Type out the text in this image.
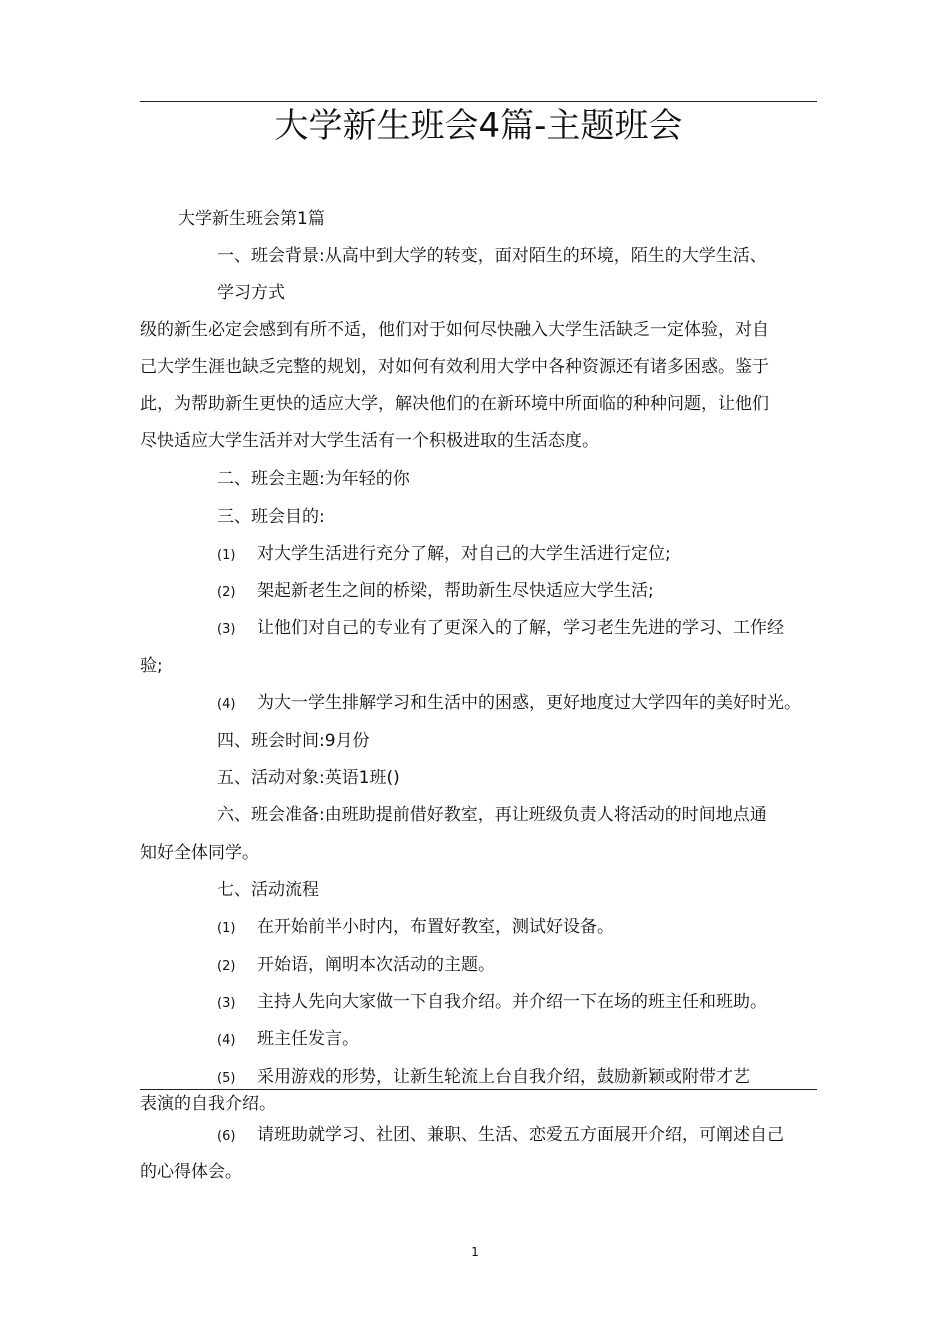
大学新生班会4篇-主题班会
大学新生班会第1篇
一、班会背景:从高中到大学的转变，面对陌生的环境，陌生的大学生活、
学习方式
级的新生必定会感到有所不适，他们对于如何尽快融入大学生活缺乏一定体验，对自
己大学生涯也缺乏完整的规划，对如何有效利用大学中各种资源还有诸多困惑。鉴于
此，为帮助新生更快的适应大学，解决他们的在新环境中所面临的种种问题，让他们
尽快适应大学生活并对大学生活有一个积极进取的生活态度。
二、班会主题:为年轻的你
三、班会目的:
(1) 对大学生活进行充分了解，对自己的大学生活进行定位;
(2) 架起新老生之间的桥梁，帮助新生尽快适应大学生活;
(3) 让他们对自己的专业有了更深入的了解，学习老生先进的学习、工作经
验;
(4) 为大一学生排解学习和生活中的困惑，更好地度过大学四年的美好时光。
四、班会时间:9月份
五、活动对象:英语1班()
六、班会准备:由班助提前借好教室，再让班级负责人将活动的时间地点通
知好全体同学。
七、活动流程
(1) 在开始前半小时内，布置好教室，测试好设备。
(2) 开始语，阐明本次活动的主题。
(3) 主持人先向大家做一下自我介绍。并介绍一下在场的班主任和班助。
(4) 班主任发言。
(5) 采用游戏的形势，让新生轮流上台自我介绍，鼓励新颖或附带才艺
表演的自我介绍。
(6) 请班助就学习、社团、兼职、生活、恋爱五方面展开介绍，可阐述自己
的心得体会。
1
